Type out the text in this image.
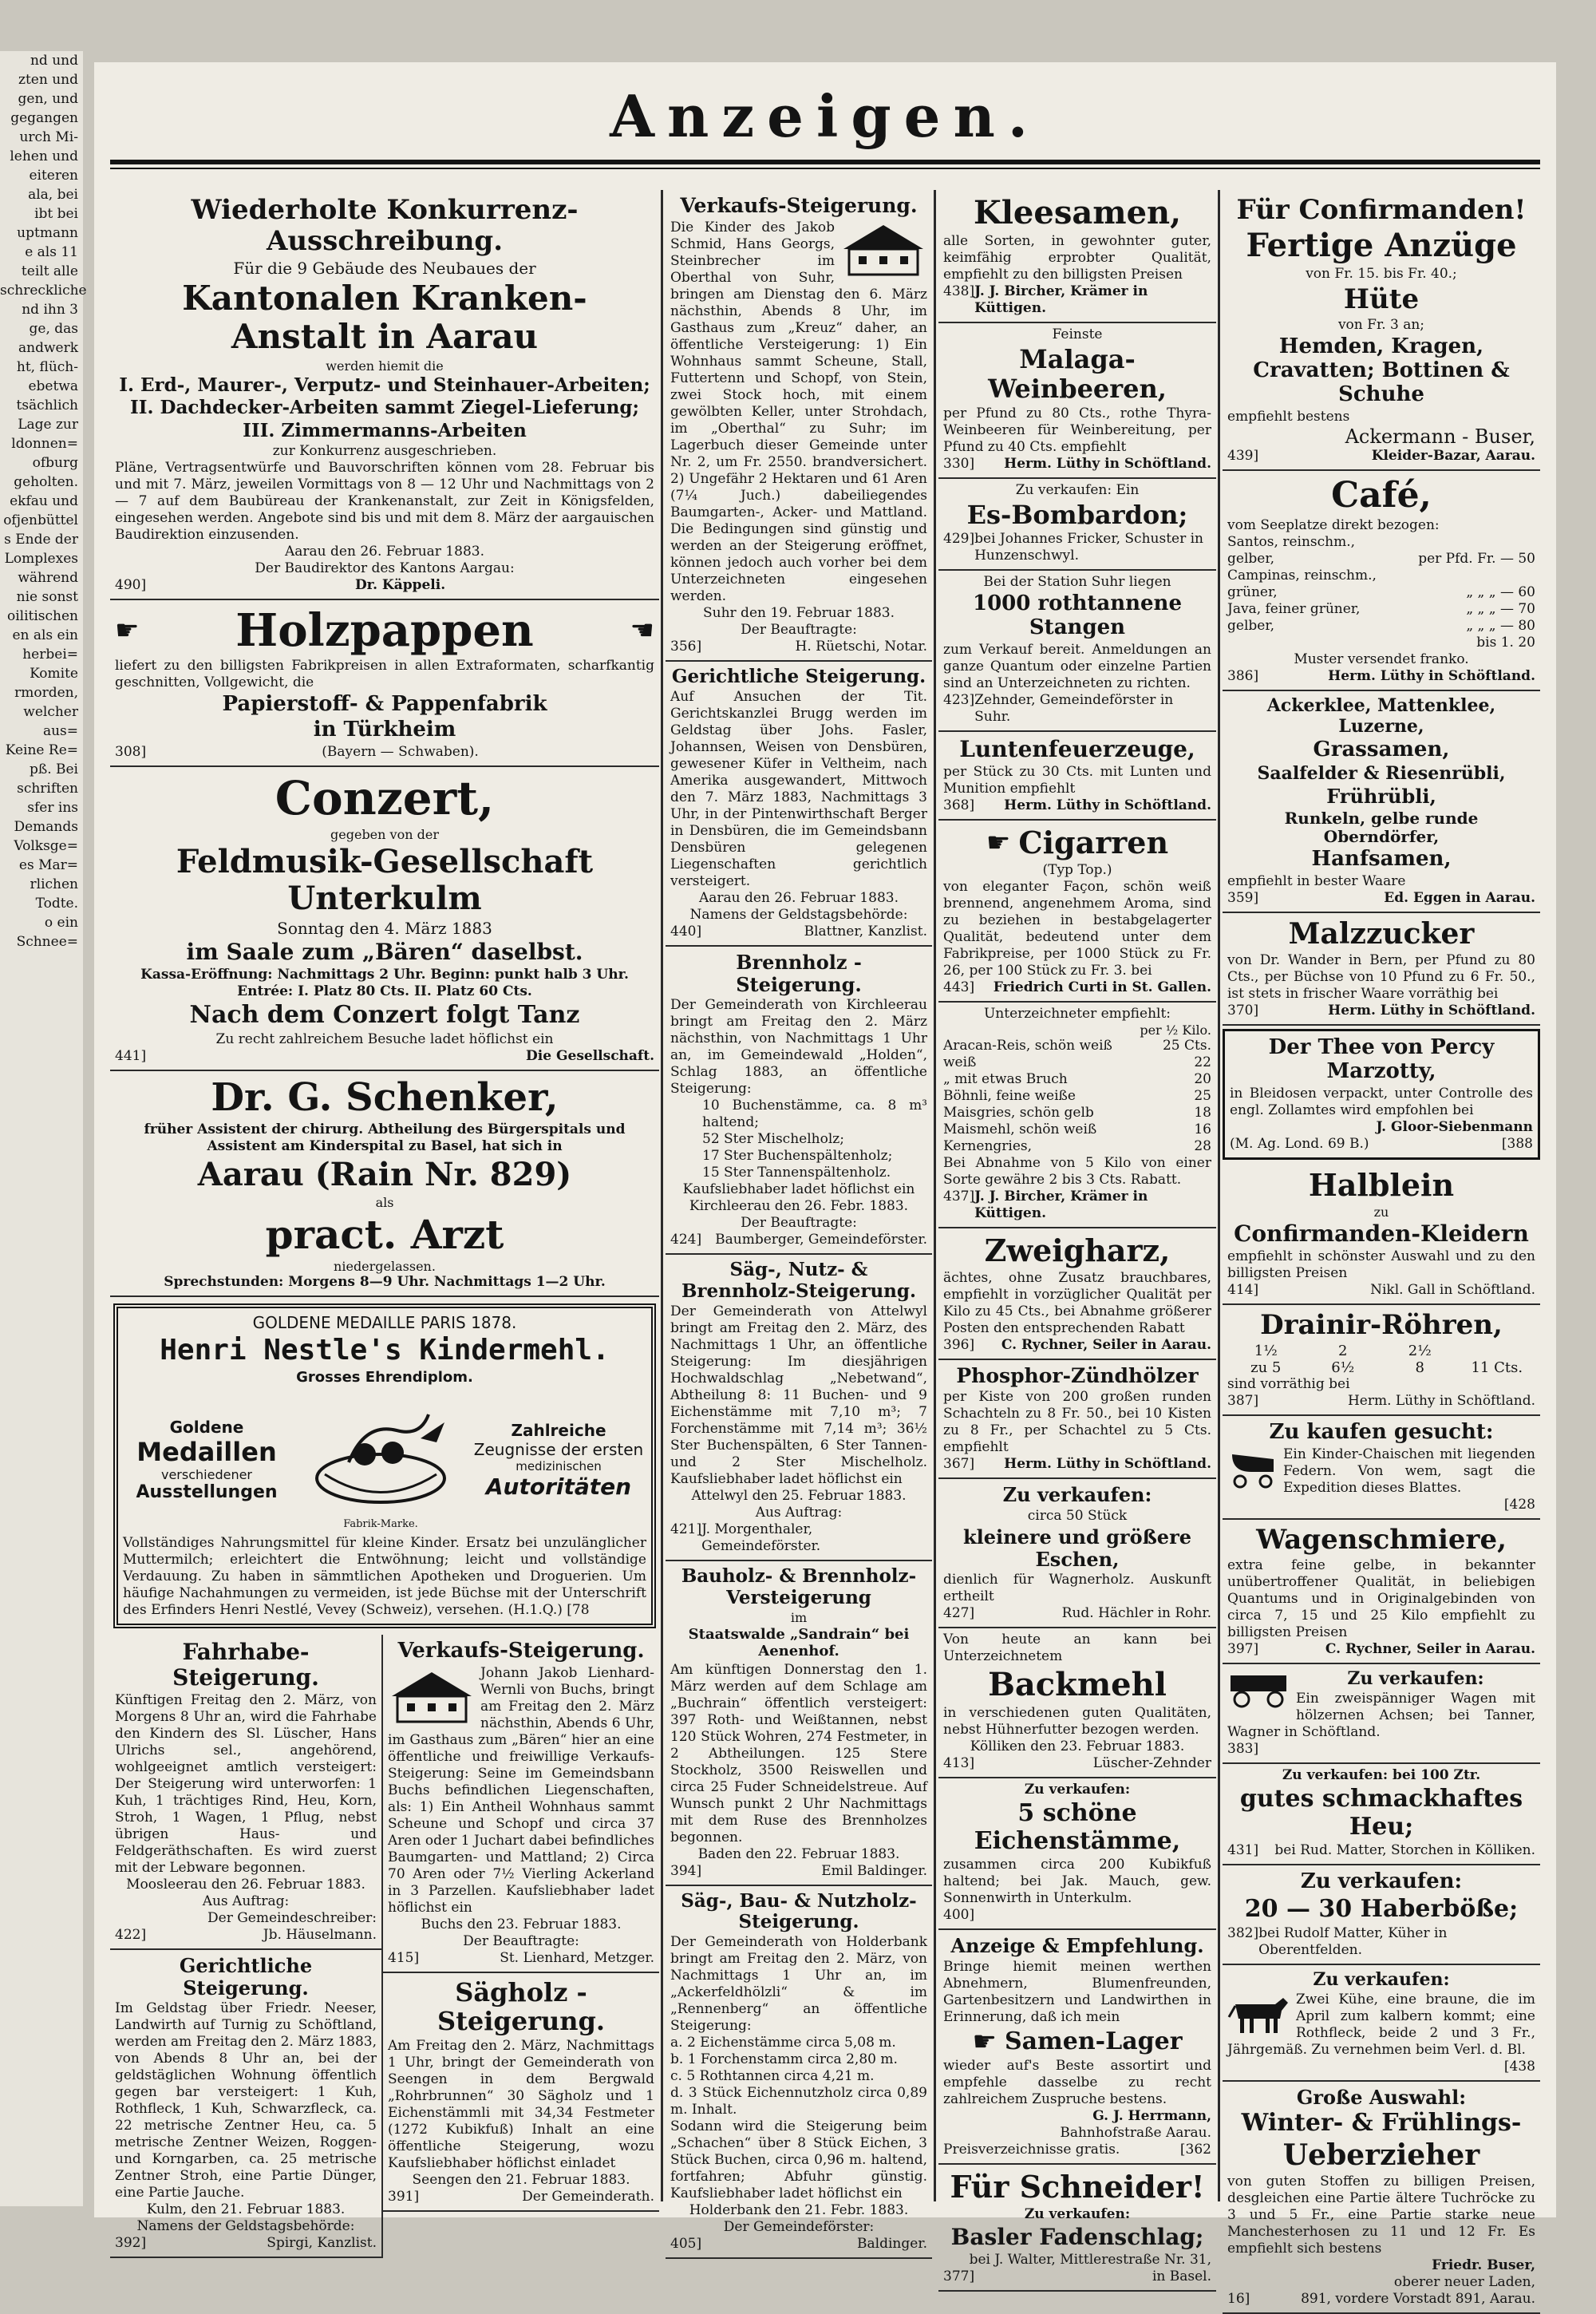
nd und
zten und
gen, und
gegangen
urch Mi-
lehen und
eiteren
ala, bei
ibt bei
uptmann
e als 11
teilt alle
schreckliche
nd ihn 3
ge, das
andwerk
ht, flüch-
ebetwa
tsächlich
Lage zur
ldonnen=
ofburg
geholten.
ekfau und
ofjenbüttel
s Ende der
Lomplexes
während
nie sonst
oilitischen
en als ein
herbei=
Komite
rmorden,
welcher
aus=
Keine Re=
pß. Bei
schriften
sfer ins
Demands
Volksge=
es Mar=
rlichen
Todte.
o ein
Schnee=
Anzeigen.
Wiederholte Konkurrenz-Ausschreibung.
Für die 9 Gebäude des Neubaues der
Kantonalen Kranken-Anstalt in Aarau
werden hiemit die
I. Erd-, Maurer-, Verputz- und Steinhauer-Arbeiten;
II. Dachdecker-Arbeiten sammt Ziegel-Lieferung;
III. Zimmermanns-Arbeiten
zur Konkurrenz ausgeschrieben.

Pläne, Vertragsentwürfe und Bauvorschriften können vom 28. Februar bis und mit 7. März, jeweilen Vormittags von 8 — 12 Uhr und Nachmittags von 2 — 7 auf dem Baubüreau der Krankenanstalt, zur Zeit in Königsfelden, eingesehen werden. Angebote sind bis und mit dem 8. März der aargauischen Baudirektion einzusenden.

Aarau den 26. Februar 1883.
Der Baudirektor des Kantons Aargau:
490]	Dr. Käppeli.
☛ Holzpappen	☚

liefert zu den billigsten Fabrikpreisen in allen Extraformaten, scharfkantig geschnitten, Vollgewicht, die

Papierstoff- & Pappenfabrik
in Türkheim
308]	(Bayern — Schwaben).
Conzert,
gegeben von der
Feldmusik-Gesellschaft Unterkulm
Sonntag den 4. März 1883
im Saale zum „Bären“ daselbst.
Kassa-Eröffnung: Nachmittags 2 Uhr. Beginn: punkt halb 3 Uhr.
Entrée: I. Platz 80 Cts. II. Platz 60 Cts.
Nach dem Conzert folgt Tanz
Zu recht zahlreichem Besuche ladet höflichst ein
441]	Die Gesellschaft.
Dr. G. Schenker,

früher Assistent der chirurg. Abtheilung des Bürgerspitals und Assistent am Kinderspital zu Basel, hat sich in

Aarau (Rain Nr. 829)
als
pract. Arzt
niedergelassen.
Sprechstunden: Morgens 8—9 Uhr. Nachmittags 1—2 Uhr.
GOLDENE MEDAILLE PARIS 1878.
Henri Nestle's Kindermehl.
Grosses Ehrendiplom.
Goldene
Medaillen
verschiedener
Ausstellungen
Fabrik-Marke.
Zahlreiche
Zeugnisse der ersten
medizinischen
Autoritäten

Vollständiges Nahrungsmittel für kleine Kinder. Ersatz bei unzulänglicher Muttermilch; erleichtert die Entwöhnung; leicht und vollständige Verdauung. Zu haben in sämmtlichen Apotheken und Droguerien. Um häufige Nachahmungen zu vermeiden, ist jede Büchse mit der Unterschrift des Erfinders Henri Nestlé, Vevey (Schweiz), versehen. (H.1.Q.) [78

Fahrhabe-Steigerung.

Künftigen Freitag den 2. März, von Morgens 8 Uhr an, wird die Fahrhabe den Kindern des Sl. Lüscher, Hans Ulrichs sel., angehörend, wohlgeeignet amtlich versteigert: Der Steigerung wird unterworfen: 1 Kuh, 1 trächtiges Rind, Heu, Korn, Stroh, 1 Wagen, 1 Pflug, nebst übrigen Haus- und Feldgeräthschaften. Es wird zuerst mit der Lebware begonnen.

Moosleerau den 26. Februar 1883.
Aus Auftrag:
Der Gemeindeschreiber:
422]	Jb. Häuselmann.
Gerichtliche Steigerung.

Im Geldstag über Friedr. Neeser, Landwirth auf Turnig zu Schöftland, werden am Freitag den 2. März 1883, von Abends 8 Uhr an, bei der geldstäglichen Wohnung öffentlich gegen bar versteigert: 1 Kuh, Rothfleck, 1 Kuh, Schwarzfleck, ca. 22 metrische Zentner Heu, ca. 5 metrische Zentner Weizen, Roggen- und Korngarben, ca. 25 metrische Zentner Stroh, eine Partie Dünger, eine Partie Jauche.

Kulm, den 21. Februar 1883.
Namens der Geldstagsbehörde:
392]	Spirgi, Kanzlist.
Verkaufs-Steigerung.

Johann Jakob Lienhard-Wernli von Buchs, bringt am Freitag den 2. März nächsthin, Abends 6 Uhr, im Gasthaus zum „Bären“ hier an eine öffentliche und freiwillige Verkaufs-Steigerung: Seine im Gemeindsbann Buchs befindlichen Liegenschaften, als: 1) Ein Antheil Wohnhaus sammt Scheune und Schopf und circa 37 Aren oder 1 Juchart dabei befindliches Baumgarten- und Mattland; 2) Circa 70 Aren oder 7½ Vierling Ackerland in 3 Parzellen. Kaufsliebhaber ladet höflichst ein

Buchs den 23. Februar 1883.
Der Beauftragte:
415]	St. Lienhard, Metzger.
Sägholz - Steigerung.

Am Freitag den 2. März, Nachmittags 1 Uhr, bringt der Gemeinderath von Seengen in dem Bergwald „Rohrbrunnen“ 30 Sägholz und 1 Eichenstämmli mit 34,34 Festmeter (1272 Kubikfuß) Inhalt an eine öffentliche Steigerung, wozu Kaufsliebhaber höflichst einladet

Seengen den 21. Februar 1883.
391]	Der Gemeinderath.
Verkaufs-Steigerung.

Die Kinder des Jakob Schmid, Hans Georgs, Steinbrecher im Oberthal von Suhr, bringen am Dienstag den 6. März nächsthin, Abends 8 Uhr, im Gasthaus zum „Kreuz“ daher, an öffentliche Versteigerung: 1) Ein Wohnhaus sammt Scheune, Stall, Futtertenn und Schopf, von Stein, zwei Stock hoch, mit einem gewölbten Keller, unter Strohdach, im „Oberthal“ zu Suhr; im Lagerbuch dieser Gemeinde unter Nr. 2, um Fr. 2550. brandversichert. 2) Ungefähr 2 Hektaren und 61 Aren (7¼ Juch.) dabeiliegendes Baumgarten-, Acker- und Mattland. Die Bedingungen sind günstig und werden an der Steigerung eröffnet, können jedoch auch vorher bei dem Unterzeichneten eingesehen werden.

Suhr den 19. Februar 1883.
Der Beauftragte:
356]	H. Rüetschi, Notar.
Gerichtliche Steigerung.

Auf Ansuchen der Tit. Gerichtskanzlei Brugg werden im Geldstag über Johs. Fasler, Johannsen, Weisen von Densbüren, gewesener Küfer in Veltheim, nach Amerika ausgewandert, Mittwoch den 7. März 1883, Nachmittags 3 Uhr, in der Pintenwirthschaft Berger in Densbüren, die im Gemeindsbann Densbüren gelegenen Liegenschaften gerichtlich versteigert.

Aarau den 26. Februar 1883.
Namens der Geldstagsbehörde:
440]	Blattner, Kanzlist.
Brennholz - Steigerung.

Der Gemeinderath von Kirchleerau bringt am Freitag den 2. März nächsthin, von Nachmittags 1 Uhr an, im Gemeindewald „Holden“, Schlag 1883, an öffentliche Steigerung:

10 Buchenstämme, ca. 8 m³ haltend;
52 Ster Mischelholz;
17 Ster Buchenspältenholz;
15 Ster Tannenspältenholz.
Kaufsliebhaber ladet höflichst ein
Kirchleerau den 26. Febr. 1883.
Der Beauftragte:
424] Baumberger, Gemeindeförster.
Säg-, Nutz- & Brennholz-Steigerung.

Der Gemeinderath von Attelwyl bringt am Freitag den 2. März, des Nachmittags 1 Uhr, an öffentliche Steigerung: Im diesjährigen Hochwaldschlag „Nebetwand“, Abtheilung 8: 11 Buchen- und 9 Eichenstämme mit 7,10 m³; 7 Forchenstämme mit 7,14 m³; 36½ Ster Buchenspälten, 6 Ster Tannen- und 2 Ster Mischelholz. Kaufsliebhaber ladet höflichst ein

Attelwyl den 25. Februar 1883.
Aus Auftrag:
421] J. Morgenthaler, Gemeindeförster.
Bauholz- & Brennholz-Versteigerung
im
Staatswalde „Sandrain“ bei Aenenhof.

Am künftigen Donnerstag den 1. März werden auf dem Schlage am „Buchrain“ öffentlich versteigert: 397 Roth- und Weißtannen, nebst 120 Stück Wohren, 274 Festmeter, in 2 Abtheilungen. 125 Stere Stockholz, 3500 Reiswellen und circa 25 Fuder Schneidelstreue. Auf Wunsch punkt 2 Uhr Nachmittags mit dem Ruse des Brennholzes begonnen.

Baden den 22. Februar 1883.
394]	Emil Baldinger.
Säg-, Bau- & Nutzholz-Steigerung.

Der Gemeinderath von Holderbank bringt am Freitag den 2. März, von Nachmittags 1 Uhr an, im „Ackerfeldhölzli“ & im „Rennenberg“ an öffentliche Steigerung:

a. 2 Eichenstämme circa 5,08 m.
b. 1 Forchenstamm circa 2,80 m.
c. 5 Rothtannen circa 4,21 m.
d. 3 Stück Eichennutzholz circa 0,89 m. Inhalt.

Sodann wird die Steigerung beim „Schachen“ über 8 Stück Eichen, 3 Stück Buchen, circa 0,96 m. haltend, fortfahren; Abfuhr günstig. Kaufsliebhaber ladet höflichst ein

Holderbank den 21. Febr. 1883.
Der Gemeindeförster:
405]	Baldinger.
Kleesamen,

alle Sorten, in gewohnter guter, keimfähig erprobter Qualität, empfiehlt zu den billigsten Preisen

438] J. J. Bircher, Krämer in Küttigen.
Feinste
Malaga-Weinbeeren,

per Pfund zu 80 Cts., rothe Thyra-Weinbeeren für Weinbereitung, per Pfund zu 40 Cts. empfiehlt

330] Herm. Lüthy in Schöftland.
Zu verkaufen: Ein
Es-Bombardon;
429] bei Johannes Fricker, Schuster in Hunzenschwyl.
Bei der Station Suhr liegen
1000 rothtannene Stangen

zum Verkauf bereit. Anmeldungen an ganze Quantum oder einzelne Partien sind an Unterzeichneten zu richten.

423] Zehnder, Gemeindeförster in Suhr.
Luntenfeuerzeuge,

per Stück zu 30 Cts. mit Lunten und Munition empfiehlt

368] Herm. Lüthy in Schöftland.
☛ Cigarren
(Typ Top.)

von eleganter Façon, schön weiß brennend, angenehmem Aroma, sind zu beziehen in bestabgelagerter Qualität, bedeutend unter dem Fabrikpreise, per 1000 Stück zu Fr. 26, per 100 Stück zu Fr. 3. bei

443] Friedrich Curti in St. Gallen.
Unterzeichneter empfiehlt:
per ½ Kilo.
Aracan-Reis, schön weiß	25 Cts.
weiß	22
„ mit etwas Bruch	20
Böhnli, feine weiße	25
Maisgries, schön gelb	18
Maismehl, schön weiß	16
Kernengries,	28

Bei Abnahme von 5 Kilo von einer Sorte gewähre 2 bis 3 Cts. Rabatt.

437] J. J. Bircher, Krämer in Küttigen.
Zweigharz,

ächtes, ohne Zusatz brauchbares, empfiehlt in vorzüglicher Qualität per Kilo zu 45 Cts., bei Abnahme größerer Posten den entsprechenden Rabatt

396] C. Rychner, Seiler in Aarau.
Phosphor-Zündhölzer

per Kiste von 200 großen runden Schachteln zu 8 Fr. 50., bei 10 Kisten zu 8 Fr., per Schachtel zu 5 Cts. empfiehlt

367] Herm. Lüthy in Schöftland.
Zu verkaufen:
circa 50 Stück
kleinere und größere Eschen,

dienlich für Wagnerholz. Auskunft ertheilt

427]	Rud. Hächler in Rohr.

Von heute an kann bei Unterzeichnetem

Backmehl

in verschiedenen guten Qualitäten, nebst Hühnerfutter bezogen werden.

Kölliken den 23. Februar 1883.
413]	Lüscher-Zehnder
Zu verkaufen:
5 schöne Eichenstämme,

zusammen circa 200 Kubikfuß haltend; bei Jak. Mauch, gew. Sonnenwirth in Unterkulm.

400]
Anzeige & Empfehlung.

Bringe hiemit meinen werthen Abnehmern, Blumenfreunden, Gartenbesitzern und Landwirthen in Erinnerung, daß ich mein

☛ Samen-Lager

wieder auf's Beste assortirt und empfehle dasselbe zu recht zahlreichem Zuspruche bestens.

G. J. Herrmann,
Bahnhofstraße Aarau.
Preisverzeichnisse gratis.	[362
Für Schneider!
Zu verkaufen:
Basler Fadenschlag;
bei J. Walter, Mittlerestraße Nr. 31,
377]	in Basel.
Für Confirmanden!
Fertige Anzüge
von Fr. 15. bis Fr. 40.;
Hüte
von Fr. 3 an;
Hemden, Kragen, Cravatten; Bottinen & Schuhe
empfiehlt bestens
Ackermann - Buser,
439]	Kleider-Bazar, Aarau.
Café,
vom Seeplatze direkt bezogen:
Santos, reinschm.,
gelber,	per Pfd. Fr. — 50
Campinas, reinschm.,
grüner,	„ „ „ — 60
Java, feiner grüner,	„ „ „ — 70
gelber,	„ „ „ — 80
bis 1. 20
Muster versendet franko.
386]	Herm. Lüthy in Schöftland.
Ackerklee, Mattenklee, Luzerne,
Grassamen,
Saalfelder & Riesenrübli,
Frührübli,
Runkeln, gelbe runde Oberndörfer,
Hanfsamen,
empfiehlt in bester Waare
359]	Ed. Eggen in Aarau.
Malzzucker

von Dr. Wander in Bern, per Pfund zu 80 Cts., per Büchse von 10 Pfund zu 6 Fr. 50., ist stets in frischer Waare vorräthig bei

370]	Herm. Lüthy in Schöftland.
Der Thee von Percy Marzotty,

in Bleidosen verpackt, unter Controlle des engl. Zollamtes wird empfohlen bei

J. Gloor-Siebenmann
(M. Ag. Lond. 69 B.)	[388
Halblein
zu
Confirmanden-Kleidern

empfiehlt in schönster Auswahl und zu den billigsten Preisen

414]	Nikl. Gall in Schöftland.
Drainir-Röhren,
1½	2	2½
zu 5	6½	8	11 Cts.
sind vorräthig bei
387]	Herm. Lüthy in Schöftland.
Zu kaufen gesucht:

Ein Kinder-Chaischen mit liegenden Federn. Von wem, sagt die Expedition dieses Blattes.

[428
Wagenschmiere,

extra feine gelbe, in bekannter unübertroffener Qualität, in beliebigen Quantums und in Originalgebinden von circa 7, 15 und 25 Kilo empfiehlt zu billigsten Preisen

397]	C. Rychner, Seiler in Aarau.
Zu verkaufen:

Ein zweispänniger Wagen mit hölzernen Achsen; bei Tanner, Wagner in Schöftland.

383]
Zu verkaufen: bei 100 Ztr.
gutes schmackhaftes Heu;
431] bei Rud. Matter, Storchen in Kölliken.
Zu verkaufen:
20 — 30 Haberböße;
382] bei Rudolf Matter, Küher in Oberentfelden.
Zu verkaufen:

Zwei Kühe, eine braune, die im April zum kalbern kommt; eine Rothfleck, beide 2 und 3 Fr., Jährgemäß. Zu vernehmen beim Verl. d. Bl.

[438
Große Auswahl:
Winter- & Frühlings-
Ueberzieher

von guten Stoffen zu billigen Preisen, desgleichen eine Partie ältere Tuchröcke zu 3 und 5 Fr., eine Partie starke neue Manchesterhosen zu 11 und 12 Fr. Es empfiehlt sich bestens

Friedr. Buser,
oberer neuer Laden,
16]	891, vordere Vorstadt 891, Aarau.
